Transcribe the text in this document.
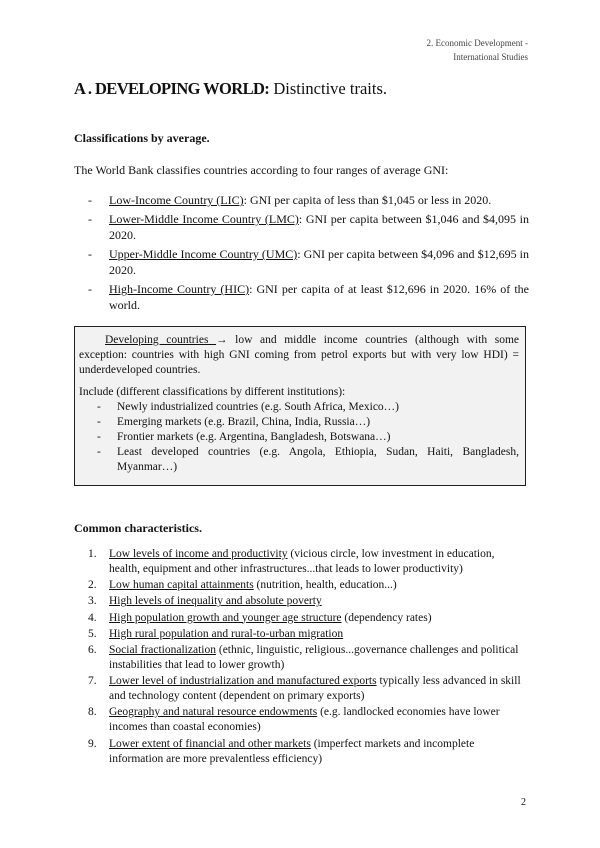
2. Economic Development -
International Studies
A . DEVELOPING WORLD: Distinctive traits.
Classifications by average.
The World Bank classifies countries according to four ranges of average GNI:
- Low-Income Country (LIC): GNI per capita of less than $1,045 or less in 2020.
- Lower-Middle Income Country (LMC): GNI per capita between $1,046 and $4,095 in 2020.
- Upper-Middle Income Country (UMC): GNI per capita between $4,096 and $12,695 in 2020.
- High-Income Country (HIC): GNI per capita of at least $12,696 in 2020. 16% of the world.

Developing countries → low and middle income countries (although with some exception: countries with high GNI coming from petrol exports but with very low HDI) = underdeveloped countries.

Include (different classifications by different institutions):

- Newly industrialized countries (e.g. South Africa, Mexico…)
- Emerging markets (e.g. Brazil, China, India, Russia…)
- Frontier markets (e.g. Argentina, Bangladesh, Botswana…)
- Least developed countries (e.g. Angola, Ethiopia, Sudan, Haiti, Bangladesh, Myanmar…)
Common characteristics.
1. Low levels of income and productivity (vicious circle, low investment in education, health, equipment and other infrastructures...that leads to lower productivity)
2. Low human capital attainments (nutrition, health, education...)
3. High levels of inequality and absolute poverty
4. High population growth and younger age structure (dependency rates)
5. High rural population and rural-to-urban migration
6. Social fractionalization (ethnic, linguistic, religious...governance challenges and political instabilities that lead to lower growth)
7. Lower level of industrialization and manufactured exports typically less advanced in skill and technology content (dependent on primary exports)
8. Geography and natural resource endowments (e.g. landlocked economies have lower incomes than coastal economies)
9. Lower extent of financial and other markets (imperfect markets and incomplete information are more prevalentless efficiency)
2
